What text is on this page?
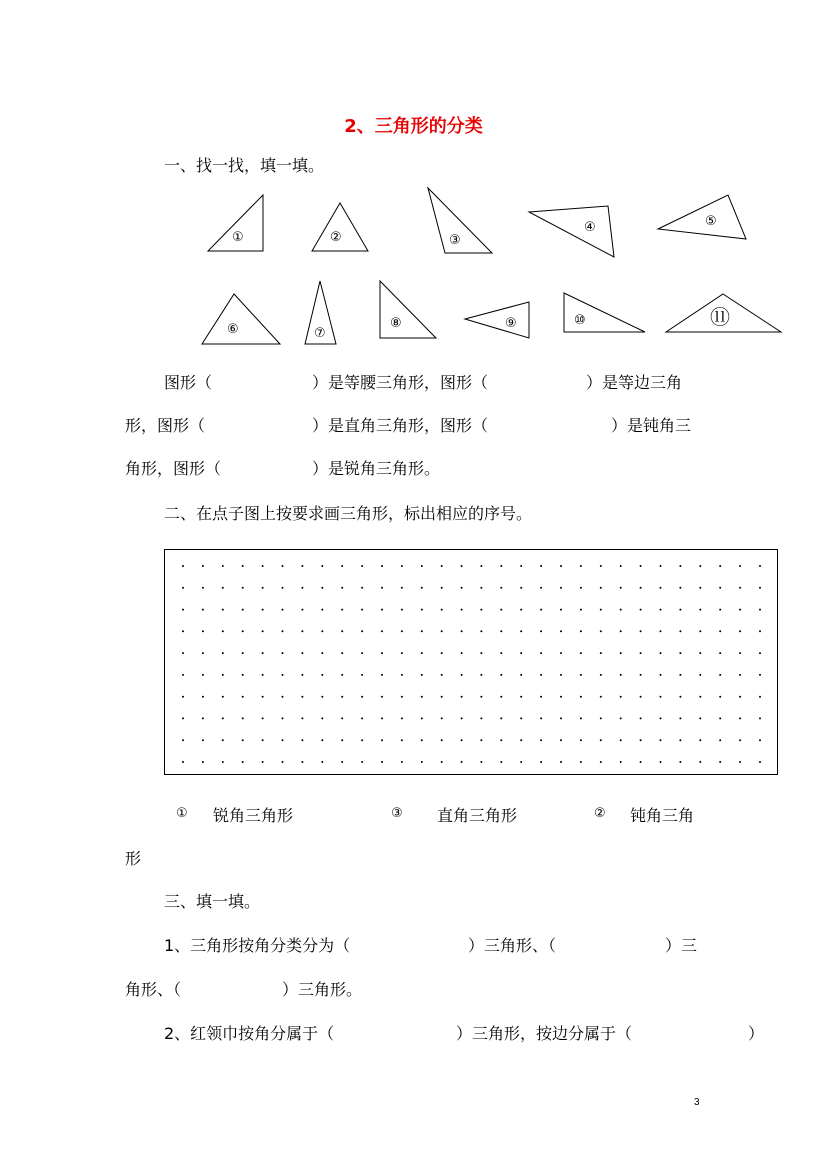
2、三角形的分类
一、找一找，填一填。
①	②	③
④	⑤
⑥	⑦
⑧	⑨	⑩	⑪
图形（	）是等腰三角形，图形（	）是等边三角
形，图形（	）是直角三角形，图形（	）是钝角三
角形，图形（	）是锐角三角形。
二、在点子图上按要求画三角形，标出相应的序号。
① 锐角三角形	③ 直角三角形	② 钝角三角
形
三、填一填。
1、三角形按角分类分为（	）三角形、（	）三
角形、（	）三角形。
2、红领巾按角分属于（	）三角形，按边分属于（	）
3
